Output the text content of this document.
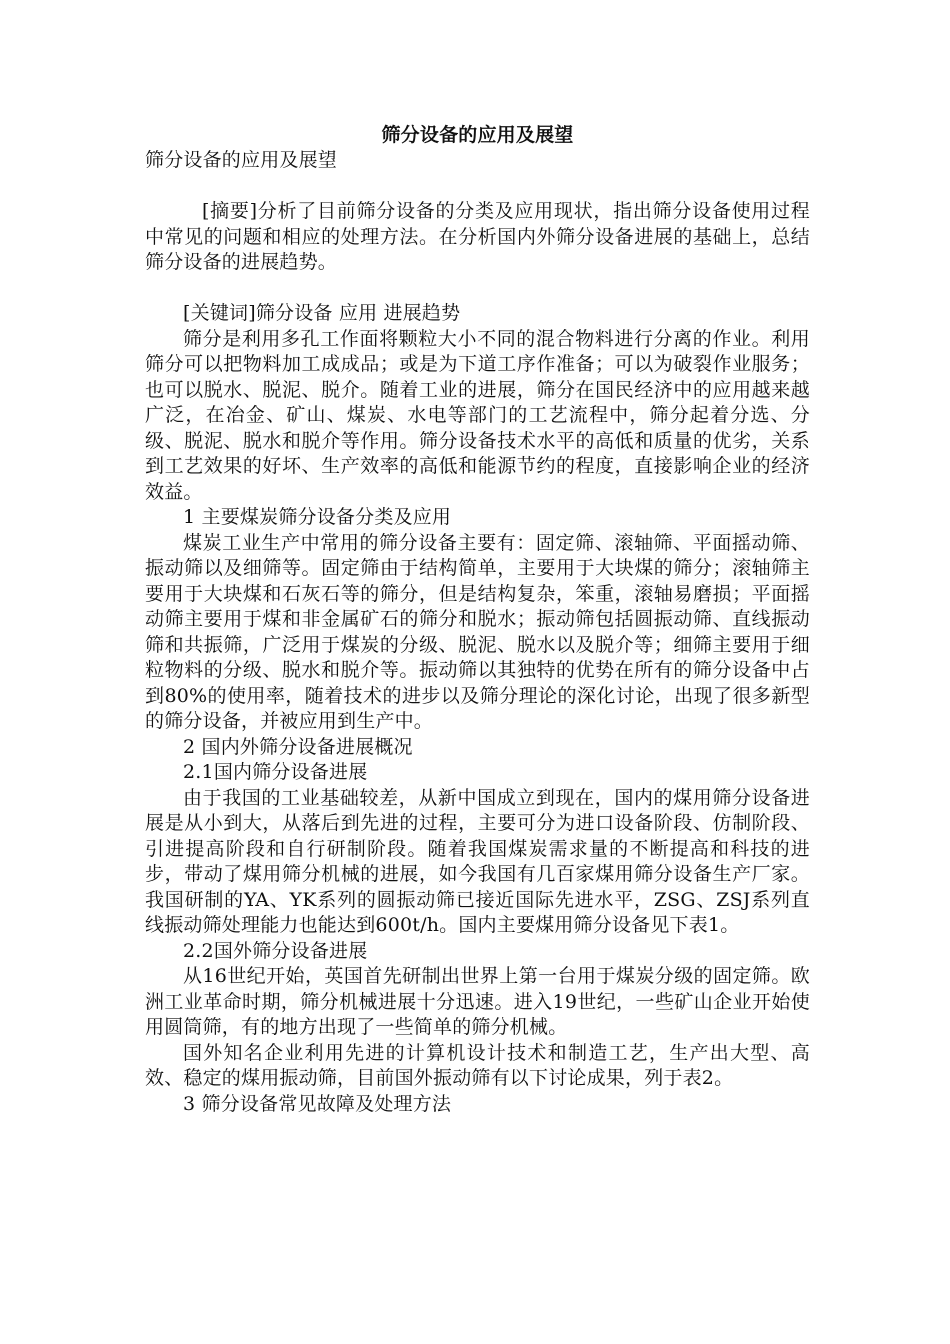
筛分设备的应用及展望

筛分设备的应用及展望

[摘要]分析了目前筛分设备的分类及应用现状，指出筛分设备使用过程中常见的问题和相应的处理方法。在分析国内外筛分设备进展的基础上，总结筛分设备的进展趋势。

[关键词]筛分设备 应用 进展趋势

筛分是利用多孔工作面将颗粒大小不同的混合物料进行分离的作业。利用筛分可以把物料加工成成品；或是为下道工序作准备；可以为破裂作业服务；也可以脱水、脱泥、脱介。随着工业的进展，筛分在国民经济中的应用越来越广泛，在冶金、矿山、煤炭、水电等部门的工艺流程中，筛分起着分选、分级、脱泥、脱水和脱介等作用。筛分设备技术水平的高低和质量的优劣，关系到工艺效果的好坏、生产效率的高低和能源节约的程度，直接影响企业的经济效益。

1 主要煤炭筛分设备分类及应用

煤炭工业生产中常用的筛分设备主要有：固定筛、滚轴筛、平面摇动筛、振动筛以及细筛等。固定筛由于结构简单，主要用于大块煤的筛分；滚轴筛主要用于大块煤和石灰石等的筛分，但是结构复杂，笨重，滚轴易磨损；平面摇动筛主要用于煤和非金属矿石的筛分和脱水；振动筛包括圆振动筛、直线振动筛和共振筛，广泛用于煤炭的分级、脱泥、脱水以及脱介等；细筛主要用于细粒物料的分级、脱水和脱介等。振动筛以其独特的优势在所有的筛分设备中占到80%的使用率，随着技术的进步以及筛分理论的深化讨论，出现了很多新型的筛分设备，并被应用到生产中。

2 国内外筛分设备进展概况

2.1国内筛分设备进展

由于我国的工业基础较差，从新中国成立到现在，国内的煤用筛分设备进展是从小到大，从落后到先进的过程，主要可分为进口设备阶段、仿制阶段、引进提高阶段和自行研制阶段。随着我国煤炭需求量的不断提高和科技的进步，带动了煤用筛分机械的进展，如今我国有几百家煤用筛分设备生产厂家。我国研制的YA、YK系列的圆振动筛已接近国际先进水平，ZSG、ZSJ系列直线振动筛处理能力也能达到600t/h。国内主要煤用筛分设备见下表1。

2.2国外筛分设备进展

从16世纪开始，英国首先研制出世界上第一台用于煤炭分级的固定筛。欧洲工业革命时期，筛分机械进展十分迅速。进入19世纪，一些矿山企业开始使用圆筒筛，有的地方出现了一些简单的筛分机械。

国外知名企业利用先进的计算机设计技术和制造工艺，生产出大型、高效、稳定的煤用振动筛，目前国外振动筛有以下讨论成果，列于表2。

3 筛分设备常见故障及处理方法
